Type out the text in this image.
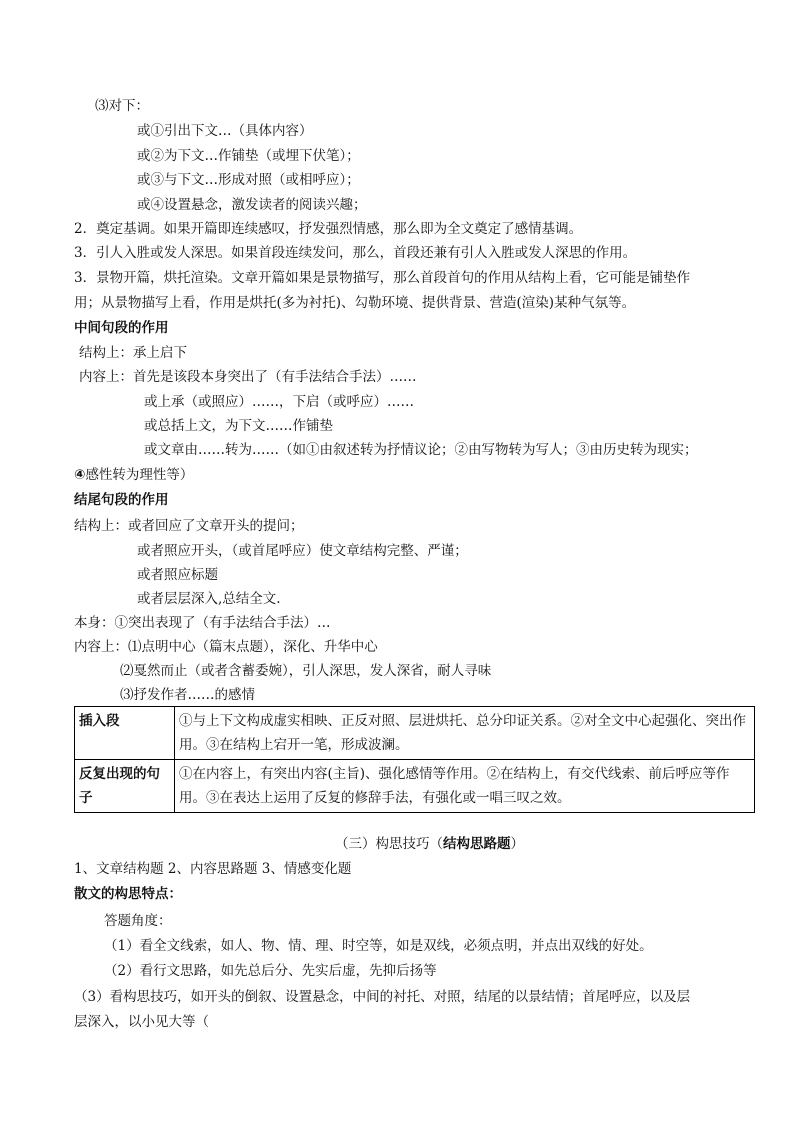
⑶对下：
或①引出下文…（具体内容）
或②为下文…作铺垫（或埋下伏笔）；
或③与下文…形成对照（或相呼应）；
或④设置悬念，激发读者的阅读兴趣；
2．奠定基调。如果开篇即连续感叹，抒发强烈情感，那么即为全文奠定了感情基调。
3．引人入胜或发人深思。如果首段连续发问，那么，首段还兼有引人入胜或发人深思的作用。
3．景物开篇，烘托渲染。文章开篇如果是景物描写，那么首段首句的作用从结构上看，它可能是铺垫作
用；从景物描写上看，作用是烘托(多为衬托)、勾勒环境、提供背景、营造(渲染)某种气氛等。
中间句段的作用
结构上：承上启下
内容上：首先是该段本身突出了（有手法结合手法）……
或上承（或照应）……，下启（或呼应）……
或总括上文，为下文……作铺垫
或文章由……转为……（如①由叙述转为抒情议论；②由写物转为写人；③由历史转为现实；
④感性转为理性等）
结尾句段的作用
结构上：或者回应了文章开头的提问；
或者照应开头，（或首尾呼应）使文章结构完整、严谨；
或者照应标题
或者层层深入,总结全文.
本身：①突出表现了（有手法结合手法）…
内容上：⑴点明中心（篇末点题），深化、升华中心
⑵戛然而止（或者含蓄委婉），引人深思，发人深省，耐人寻味
⑶抒发作者……的感情
插入段	①与上下文构成虚实相映、正反对照、层进烘托、总分印证关系。②对全文中心起强化、突出作用。③在结构上宕开一笔，形成波澜。
反复出现的句子	①在内容上，有突出内容(主旨)、强化感情等作用。②在结构上，有交代线索、前后呼应等作用。③在表达上运用了反复的修辞手法，有强化或一唱三叹之效。
（三）构思技巧（结构思路题）
1、文章结构题 2、内容思路题 3、情感变化题
散文的构思特点：
答题角度：
（1）看全文线索，如人、物、情、理、时空等，如是双线，必须点明，并点出双线的好处。
（2）看行文思路，如先总后分、先实后虚，先抑后扬等
（3）看构思技巧，如开头的倒叙、设置悬念，中间的衬托、对照，结尾的以景结情；首尾呼应，以及层
层深入，以小见大等（
